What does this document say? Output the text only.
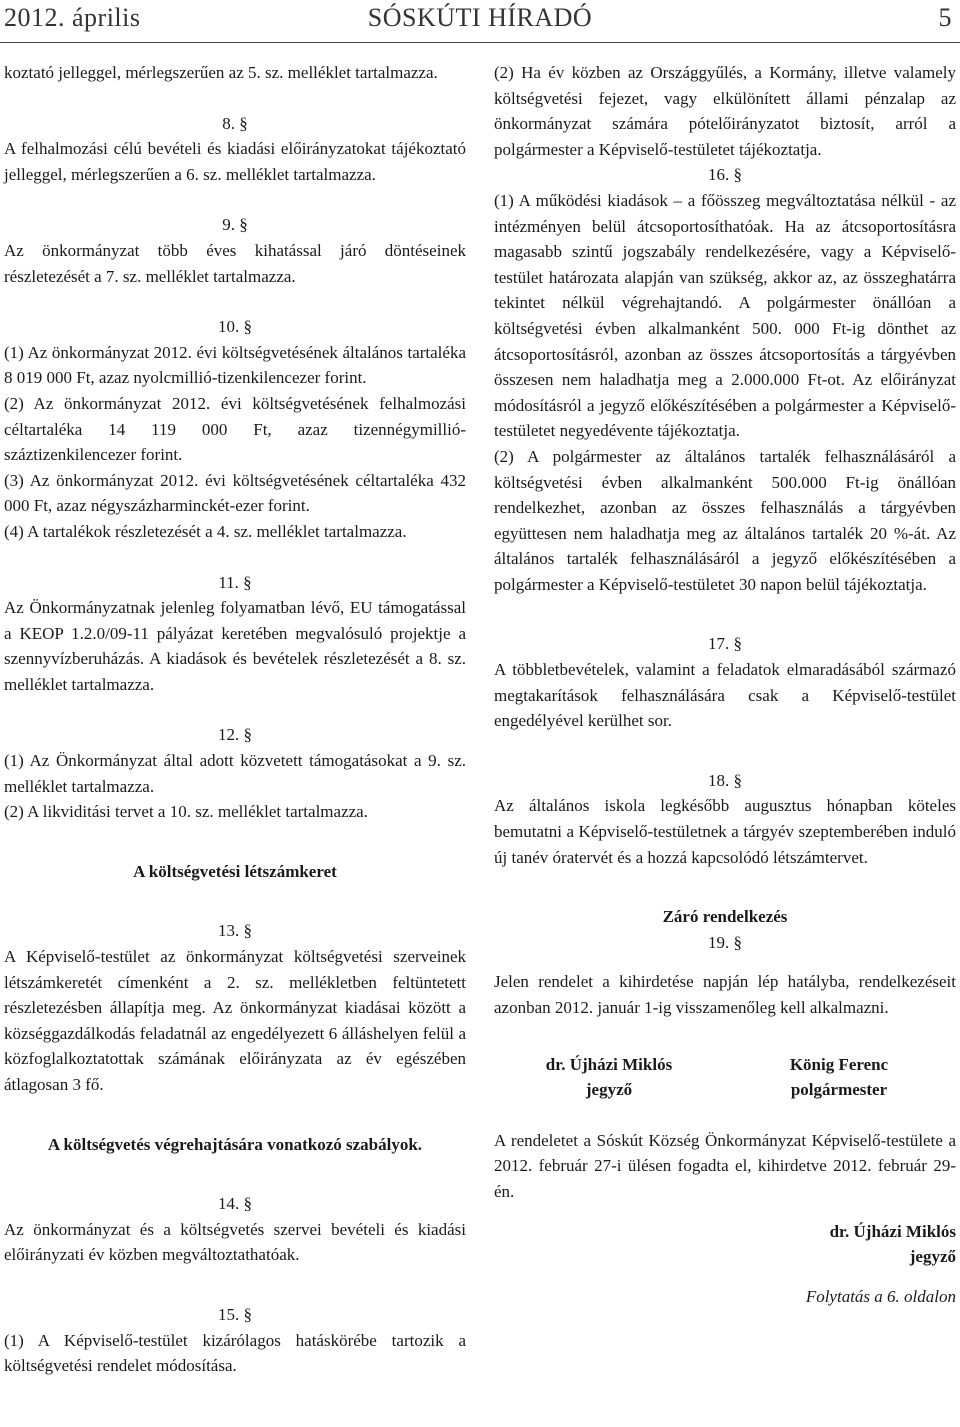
2012. április	SÓSKÚTI HÍRADÓ	5

koztató jelleggel, mérlegszerűen az 5. sz. melléklet tartalmazza.

8. §

A felhalmozási célú bevételi és kiadási előirányzatokat tájékoztató jelleggel, mérlegszerűen a 6. sz. melléklet tartalmazza.

9. §

Az önkormányzat több éves kihatással járó döntéseinek részletezését a 7. sz. melléklet tartalmazza.

10. §

(1) Az önkormányzat 2012. évi költségvetésének általános tartaléka 8 019 000 Ft, azaz nyolcmillió-tizenkilencezer forint.

(2) Az önkormányzat 2012. évi költségvetésének felhalmozási céltartaléka 14 119 000 Ft, azaz tizennégymillió-száztizenkilencezer forint.

(3) Az önkormányzat 2012. évi költségvetésének céltartaléka 432 000 Ft, azaz négyszázharminckét-ezer forint.

(4) A tartalékok részletezését a 4. sz. melléklet tartalmazza.

11. §

Az Önkormányzatnak jelenleg folyamatban lévő, EU támogatással a KEOP 1.2.0/09-11 pályázat keretében megvalósuló projektje a szennyvízberuházás. A kiadások és bevételek részletezését a 8. sz. melléklet tartalmazza.

12. §

(1) Az Önkormányzat által adott közvetett támogatásokat a 9. sz. melléklet tartalmazza.

(2) A likviditási tervet a 10. sz. melléklet tartalmazza.

A költségvetési létszámkeret

13. §

A Képviselő-testület az önkormányzat költségvetési szerveinek létszámkeretét címenként a 2. sz. mellékletben feltüntetett részletezésben állapítja meg. Az önkormányzat kiadásai között a községgazdálkodás feladatnál az engedélyezett 6 álláshelyen felül a közfoglalkoztatottak számának előirányzata az év egészében átlagosan 3 fő.

A költségvetés végrehajtására vonatkozó szabályok.

14. §

Az önkormányzat és a költségvetés szervei bevételi és kiadási előirányzati év közben megváltoztathatóak.

15. §

(1) A Képviselő-testület kizárólagos hatáskörébe tartozik a költségvetési rendelet módosítása.

(2) Ha év közben az Országgyűlés, a Kormány, illetve valamely költségvetési fejezet, vagy elkülönített állami pénzalap az önkormányzat számára pótelőirányzatot biztosít, arról a polgármester a Képviselő-testületet tájékoztatja.

16. §

(1) A működési kiadások – a főösszeg megváltoztatása nélkül - az intézményen belül átcsoportosíthatóak. Ha az átcsoportosításra magasabb szintű jogszabály rendelkezésére, vagy a Képviselő-testület határozata alapján van szükség, akkor az, az összeghatárra tekintet nélkül végrehajtandó. A polgármester önállóan a költségvetési évben alkalmanként 500. 000 Ft-ig dönthet az átcsoportosításról, azonban az összes átcsoportosítás a tárgyévben összesen nem haladhatja meg a 2.000.000 Ft-ot. Az előirányzat módosításról a jegyző előkészítésében a polgármester a Képviselő-testületet negyedévente tájékoztatja.

(2) A polgármester az általános tartalék felhasználásáról a költségvetési évben alkalmanként 500.000 Ft-ig önállóan rendelkezhet, azonban az összes felhasználás a tárgyévben együttesen nem haladhatja meg az általános tartalék 20 %-át. Az általános tartalék felhasználásáról a jegyző előkészítésében a polgármester a Képviselő-testületet 30 napon belül tájékoztatja.

17. §

A többletbevételek, valamint a feladatok elmaradásából származó megtakarítások felhasználására csak a Képviselő-testület engedélyével kerülhet sor.

18. §

Az általános iskola legkésőbb augusztus hónapban köteles bemutatni a Képviselő-testületnek a tárgyév szeptemberében induló új tanév óratervét és a hozzá kapcsolódó létszámtervet.

Záró rendelkezés

19. §

Jelen rendelet a kihirdetése napján lép hatályba, rendelkezéseit azonban 2012. január 1-ig visszamenőleg kell alkalmazni.

dr. Újházi Miklós

jegyző

König Ferenc

polgármester

A rendeletet a Sóskút Község Önkormányzat Képviselő-testülete a 2012. február 27-i ülésen fogadta el, kihirdetve 2012. február 29-én.

dr. Újházi Miklós

jegyző

Folytatás a 6. oldalon
